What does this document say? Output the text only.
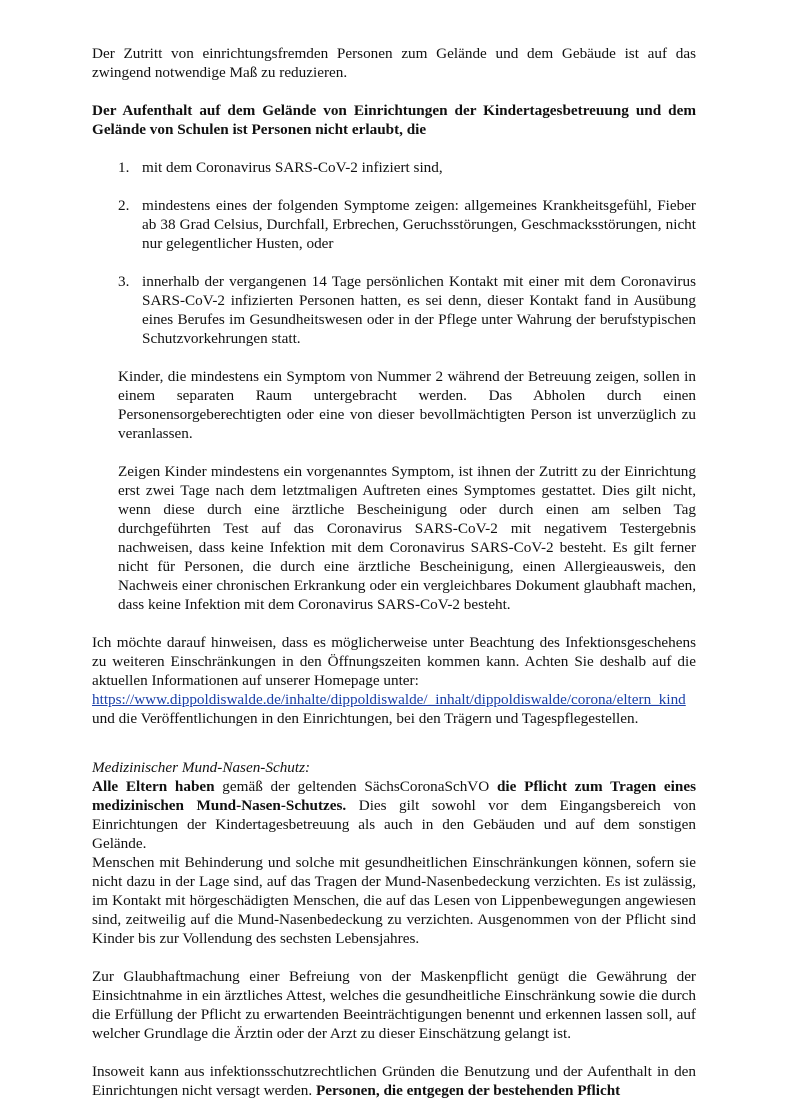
Der Zutritt von einrichtungsfremden Personen zum Gelände und dem Gebäude ist auf das zwingend notwendige Maß zu reduzieren.

Der Aufenthalt auf dem Gelände von Einrichtungen der Kindertagesbetreuung und dem Gelände von Schulen ist Personen nicht erlaubt, die

1. mit dem Coronavirus SARS-CoV-2 infiziert sind,
2. mindestens eines der folgenden Symptome zeigen: allgemeines Krankheitsgefühl, Fieber ab 38 Grad Celsius, Durchfall, Erbrechen, Geruchsstörungen, Geschmacksstörungen, nicht nur gelegentlicher Husten, oder
3. innerhalb der vergangenen 14 Tage persönlichen Kontakt mit einer mit dem Coronavirus SARS-CoV-2 infizierten Personen hatten, es sei denn, dieser Kontakt fand in Ausübung eines Berufes im Gesundheitswesen oder in der Pflege unter Wahrung der berufstypischen Schutzvorkehrungen statt.

Kinder, die mindestens ein Symptom von Nummer 2 während der Betreuung zeigen, sollen in einem separaten Raum untergebracht werden. Das Abholen durch einen Personensorgeberechtigten oder eine von dieser bevollmächtigten Person ist unverzüglich zu veranlassen.

Zeigen Kinder mindestens ein vorgenanntes Symptom, ist ihnen der Zutritt zu der Einrichtung erst zwei Tage nach dem letztmaligen Auftreten eines Symptomes gestattet. Dies gilt nicht, wenn diese durch eine ärztliche Bescheinigung oder durch einen am selben Tag durchgeführten Test auf das Coronavirus SARS-CoV-2 mit negativem Testergebnis nachweisen, dass keine Infektion mit dem Coronavirus SARS-CoV-2 besteht. Es gilt ferner nicht für Personen, die durch eine ärztliche Bescheinigung, einen Allergieausweis, den Nachweis einer chronischen Erkrankung oder ein vergleichbares Dokument glaubhaft machen, dass keine Infektion mit dem Coronavirus SARS-CoV-2 besteht.

Ich möchte darauf hinweisen, dass es möglicherweise unter Beachtung des Infektionsgeschehens zu weiteren Einschränkungen in den Öffnungszeiten kommen kann. Achten Sie deshalb auf die aktuellen Informationen auf unserer Homepage unter:

https://www.dippoldiswalde.de/inhalte/dippoldiswalde/_inhalt/dippoldiswalde/corona/eltern_kind

und die Veröffentlichungen in den Einrichtungen, bei den Trägern und Tagespflegestellen.

Medizinischer Mund-Nasen-Schutz:

Alle Eltern haben gemäß der geltenden SächsCoronaSchVO die Pflicht zum Tragen eines medizinischen Mund-Nasen-Schutzes. Dies gilt sowohl vor dem Eingangsbereich von Einrichtungen der Kindertagesbetreuung als auch in den Gebäuden und auf dem sonstigen Gelände.

Menschen mit Behinderung und solche mit gesundheitlichen Einschränkungen können, sofern sie nicht dazu in der Lage sind, auf das Tragen der Mund-Nasenbedeckung verzichten. Es ist zulässig, im Kontakt mit hörgeschädigten Menschen, die auf das Lesen von Lippenbewegungen angewiesen sind, zeitweilig auf die Mund-Nasenbedeckung zu verzichten. Ausgenommen von der Pflicht sind Kinder bis zur Vollendung des sechsten Lebensjahres.

Zur Glaubhaftmachung einer Befreiung von der Maskenpflicht genügt die Gewährung der Einsichtnahme in ein ärztliches Attest, welches die gesundheitliche Einschränkung sowie die durch die Erfüllung der Pflicht zu erwartenden Beeinträchtigungen benennt und erkennen lassen soll, auf welcher Grundlage die Ärztin oder der Arzt zu dieser Einschätzung gelangt ist.

Insoweit kann aus infektionsschutzrechtlichen Gründen die Benutzung und der Aufenthalt in den Einrichtungen nicht versagt werden. Personen, die entgegen der bestehenden Pflicht
